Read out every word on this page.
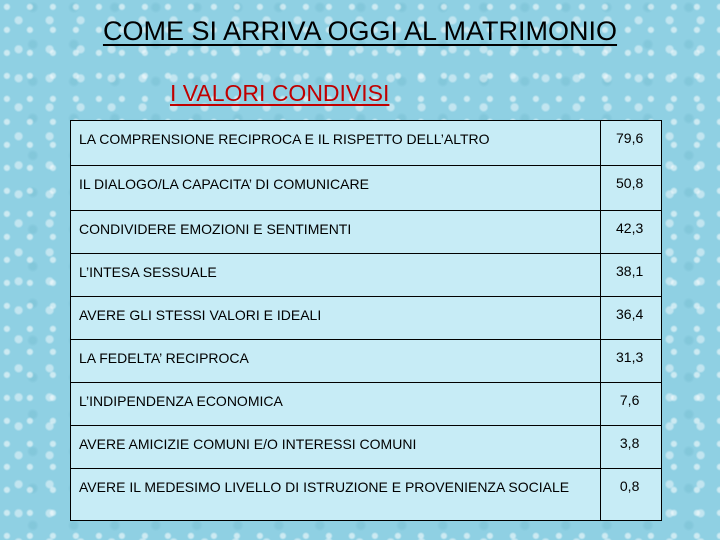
COME SI ARRIVA OGGI AL MATRIMONIO
I VALORI CONDIVISI
LA COMPRENSIONE RECIPROCA E IL RISPETTO DELL’ALTRO	79,6
IL DIALOGO/LA CAPACITA’ DI COMUNICARE	50,8
CONDIVIDERE EMOZIONI E SENTIMENTI	42,3
L’INTESA SESSUALE	38,1
AVERE GLI STESSI VALORI E IDEALI	36,4
LA FEDELTA’ RECIPROCA	31,3
L’INDIPENDENZA ECONOMICA	7,6
AVERE AMICIZIE COMUNI E/O INTERESSI COMUNI	3,8
AVERE IL MEDESIMO LIVELLO DI ISTRUZIONE E PROVENIENZA SOCIALE	0,8
